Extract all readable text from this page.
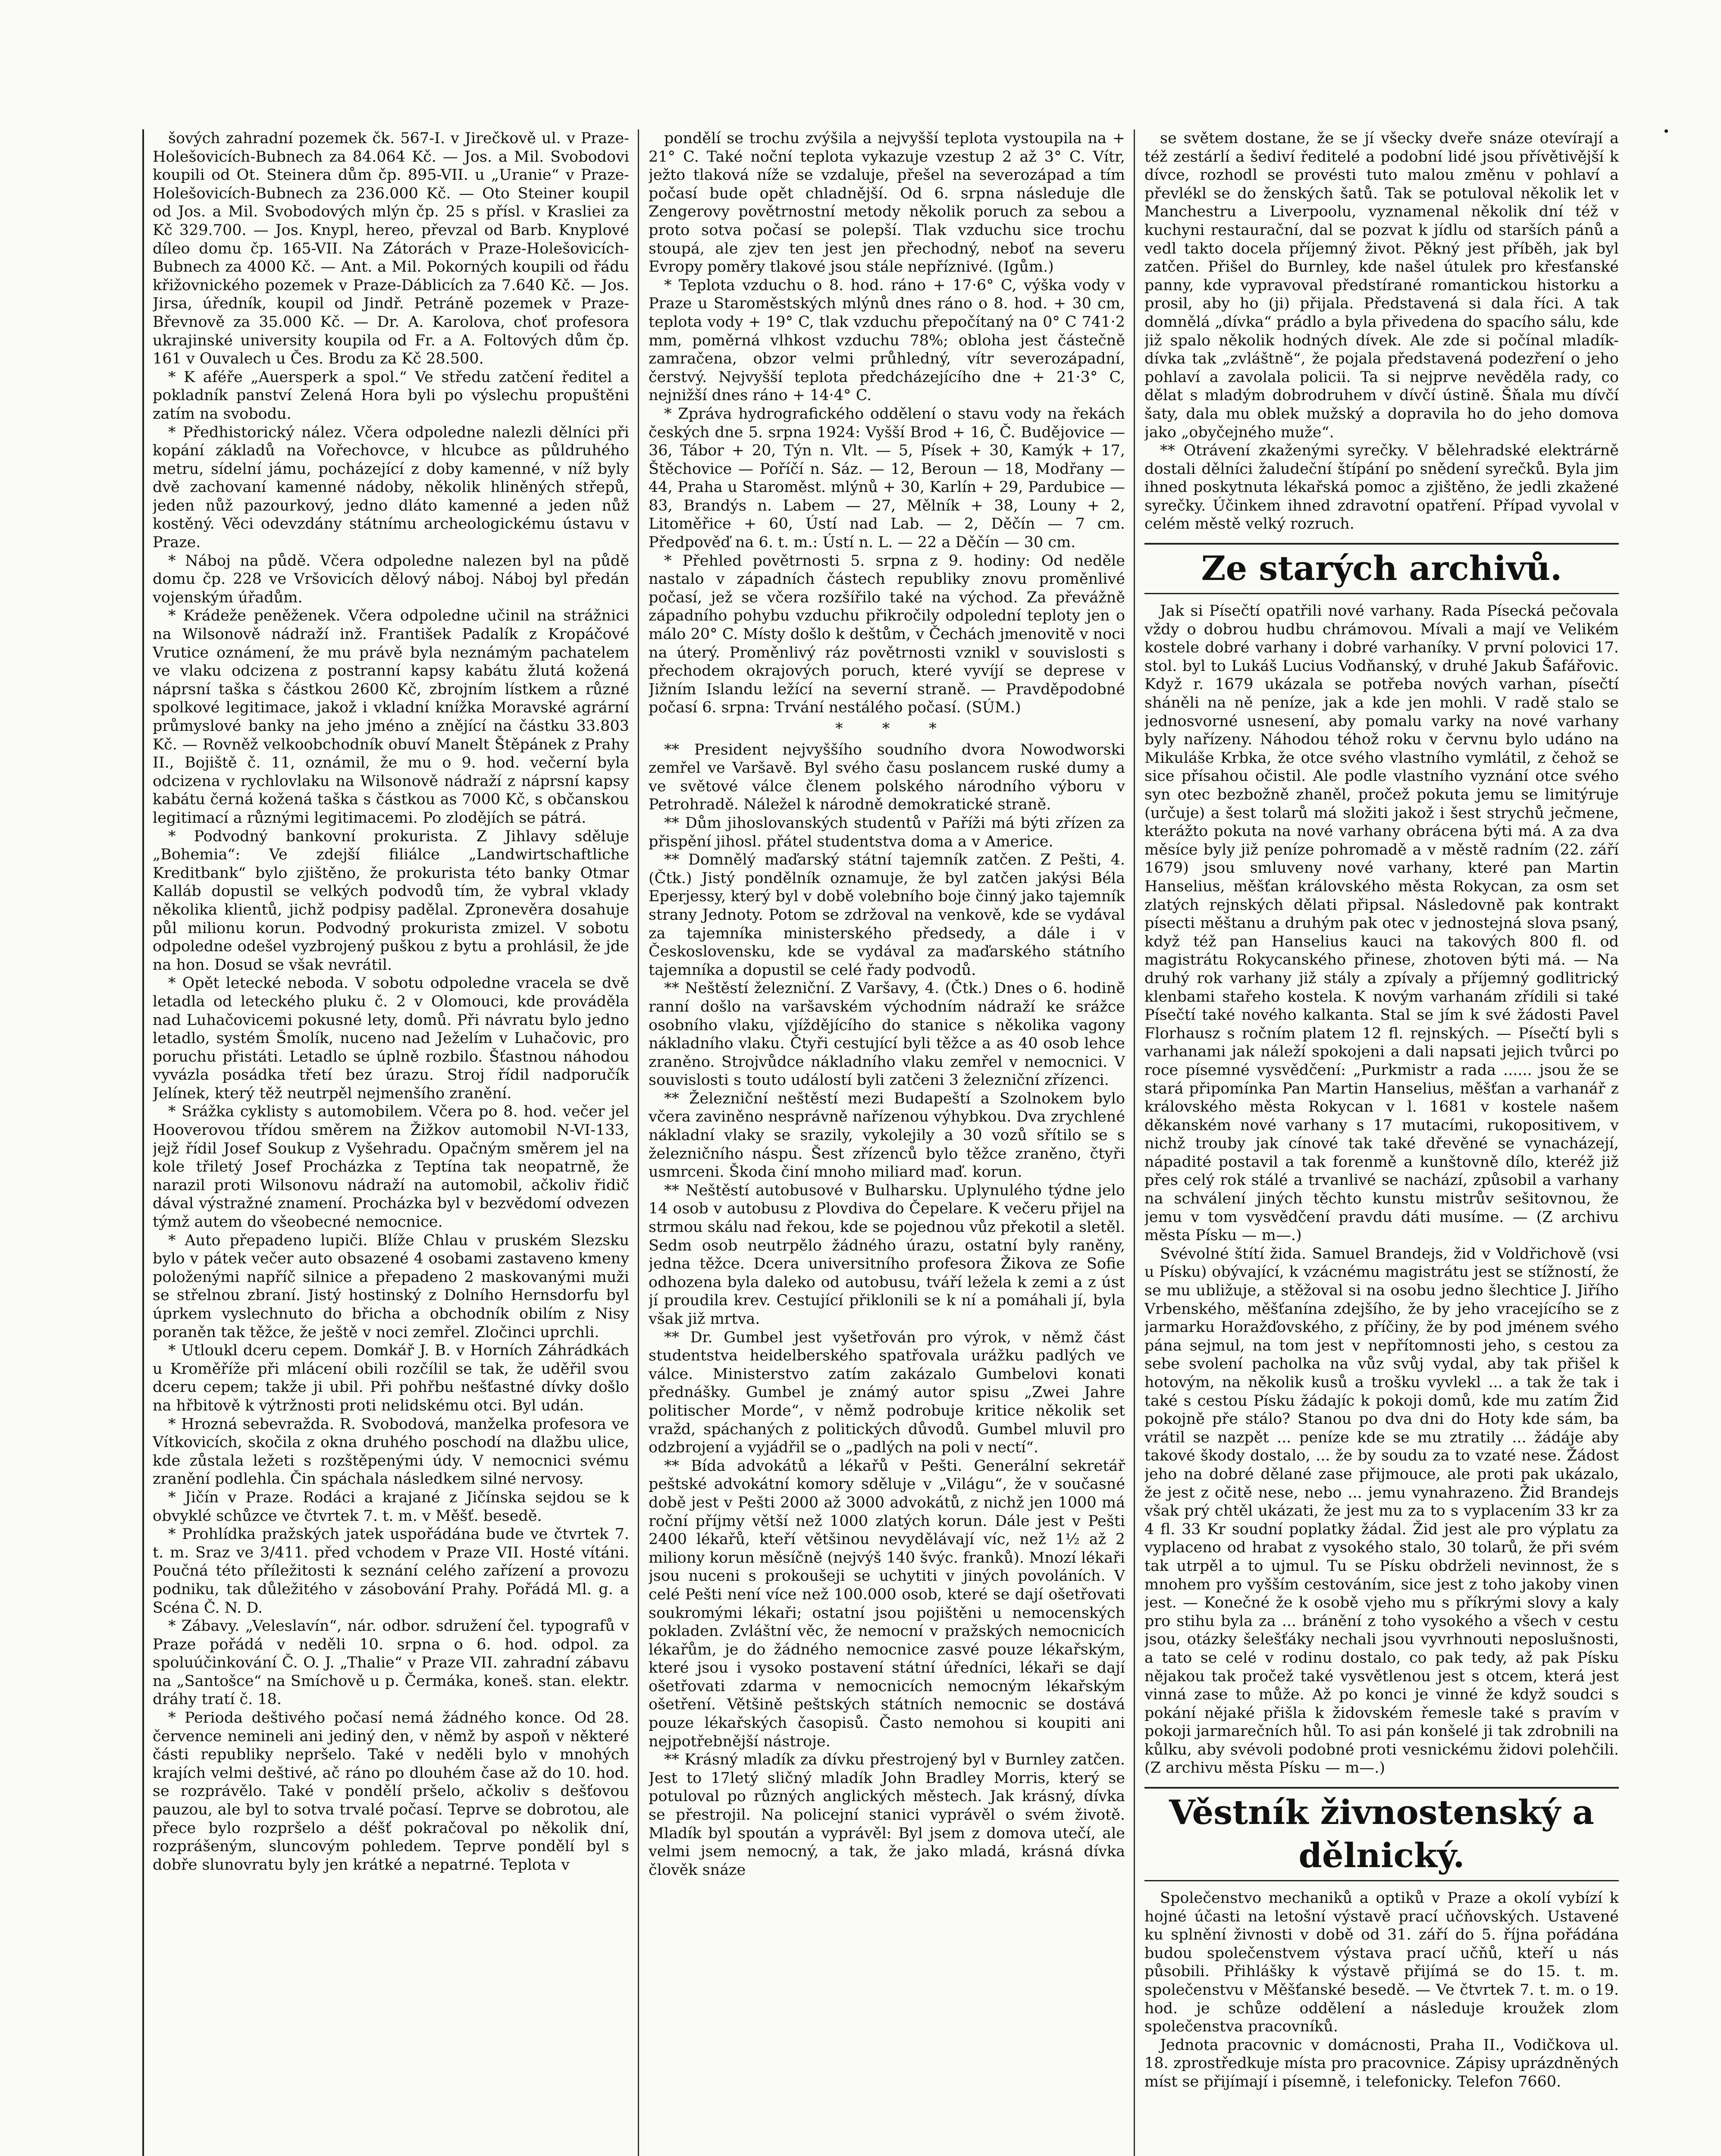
šových zahradní pozemek čk. 567-I. v Jirečkově ul. v Praze-Holešovicích-Bubnech za 84.064 Kč. — Jos. a Mil. Svobodovi koupili od Ot. Steinera dům čp. 895-VII. u „Uranie“ v Praze-Holešovicích-Bubnech za 236.000 Kč. — Oto Steiner koupil od Jos. a Mil. Svobodových mlýn čp. 25 s přísl. v Krasliei za Kč 329.700. — Jos. Knypl, hereo, převzal od Barb. Knyplové díleo domu čp. 165-VII. Na Zátorách v Praze-Holešovicích-Bubnech za 4000 Kč. — Ant. a Mil. Pokorných koupili od řádu křižovnického pozemek v Praze-Dáblicích za 7.640 Kč. — Jos. Jirsa, úředník, koupil od Jindř. Petráně pozemek v Praze-Břevnově za 35.000 Kč. — Dr. A. Karolova, choť profesora ukrajinské university koupila od Fr. a A. Foltových dům čp. 161 v Ouvalech u Čes. Brodu za Kč 28.500.

* K aféře „Auersperk a spol.“ Ve středu zatčení ředitel a pokladník panství Zelená Hora byli po výslechu propuštěni zatím na svobodu.

* Předhistorický nález. Včera odpoledne nalezli dělníci při kopání základů na Vořechovce, v hlcubce as půldruhého metru, sídelní jámu, pocházející z doby kamenné, v níž byly dvě zachovaní kamenné nádoby, několik hliněných střepů, jeden nůž pazourkový, jedno dláto kamenné a jeden nůž kostěný. Věci odevzdány státnímu archeologickému ústavu v Praze.

* Náboj na půdě. Včera odpoledne nalezen byl na půdě domu čp. 228 ve Vršovicích dělový náboj. Náboj byl předán vojenským úřadům.

* Krádeže peněženek. Včera odpoledne učinil na strážnici na Wilsonově nádraží inž. František Padalík z Kropáčové Vrutice oznámení, že mu právě byla neznámým pachatelem ve vlaku odcizena z postranní kapsy kabátu žlutá kožená náprsní taška s částkou 2600 Kč, zbrojním lístkem a různé spolkové legitimace, jakož i vkladní knížka Moravské agrární průmyslové banky na jeho jméno a znějící na částku 33.803 Kč. — Rovněž velkoobchodník obuví Manelt Štěpánek z Prahy II., Bojiště č. 11, oznámil, že mu o 9. hod. večerní byla odcizena v rychlovlaku na Wilsonově nádraží z náprsní kapsy kabátu černá kožená taška s částkou as 7000 Kč, s občanskou legitimací a různými legitimacemi. Po zlodějích se pátrá.

* Podvodný bankovní prokurista. Z Jihlavy sděluje „Bohemia“: Ve zdejší filiálce „Landwirtschaftliche Kreditbank“ bylo zjištěno, že prokurista této banky Otmar Kalláb dopustil se velkých podvodů tím, že vybral vklady několika klientů, jichž podpisy padělal. Zpronevěra dosahuje půl milionu korun. Podvodný prokurista zmizel. V sobotu odpoledne odešel vyzbrojený puškou z bytu a prohlásil, že jde na hon. Dosud se však nevrátil.

* Opět letecké neboda. V sobotu odpoledne vracela se dvě letadla od leteckého pluku č. 2 v Olomouci, kde prováděla nad Luhačovicemi pokusné lety, domů. Při návratu bylo jedno letadlo, systém Šmolík, nuceno nad Ježelím v Luhačovic, pro poruchu přistáti. Letadlo se úplně rozbilo. Šťastnou náhodou vyvázla posádka třetí bez úrazu. Stroj řídil nadporučík Jelínek, který těž neutrpěl nejmenšího zranění.

* Srážka cyklisty s automobilem. Včera po 8. hod. večer jel Hooverovou třídou směrem na Žižkov automobil N-VI-133, jejž řídil Josef Soukup z Vyšehradu. Opačným směrem jel na kole třiletý Josef Procházka z Teptína tak neopatrně, že narazil proti Wilsonovu nádraží na automobil, ačkoliv řidič dával výstražné znamení. Procházka byl v bezvědomí odvezen týmž autem do všeobecné nemocnice.

* Auto přepadeno lupiči. Blíže Chlau v pruském Slezsku bylo v pátek večer auto obsazené 4 osobami zastaveno kmeny položenými napříč silnice a přepadeno 2 maskovanými muži se střelnou zbraní. Jistý hostinský z Dolního Hernsdorfu byl úprkem vyslechnuto do břicha a obchodník obilím z Nisy poraněn tak těžce, že ještě v noci zemřel. Zločinci uprchli.

* Utloukl dceru cepem. Domkář J. B. v Horních Záhrádkách u Kroměříže při mlácení obili rozčílil se tak, že uděřil svou dceru cepem; takže ji ubil. Při pohřbu nešťastné dívky došlo na hřbitově k výtržnosti proti nelidskému otci. Byl udán.

* Hrozná sebevražda. R. Svobodová, manželka profesora ve Vítkovicích, skočila z okna druhého poschodí na dlažbu ulice, kde zůstala ležeti s rozštěpenými údy. V nemocnici svému zranění podlehla. Čin spáchala následkem silné nervosy.

* Jičín v Praze. Rodáci a krajané z Jičínska sejdou se k obvyklé schůzce ve čtvrtek 7. t. m. v Měšť. besedě.

* Prohlídka pražských jatek uspořádána bude ve čtvrtek 7. t. m. Sraz ve 3/411. před vchodem v Praze VII. Hosté vítáni. Poučná této příležitosti k seznání celého zařízení a provozu podniku, tak důležitého v zásobování Prahy. Pořádá Ml. g. a Scéna Č. N. D.

* Zábavy. „Veleslavín“, nár. odbor. sdružení čel. typografů v Praze pořádá v neděli 10. srpna o 6. hod. odpol. za spoluúčinkování Č. O. J. „Thalie“ v Praze VII. zahradní zábavu na „Santošce“ na Smíchově u p. Čermáka, koneš. stan. elektr. dráhy tratí č. 18.

* Perioda deštivého počasí nemá žádného konce. Od 28. července nemineli ani jediný den, v němž by aspoň v některé části republiky nepršelo. Také v neděli bylo v mnohých krajích velmi deštivé, ač ráno po dlouhém čase až do 10. hod. se rozprávělo. Také v pondělí pršelo, ačkoliv s dešťovou pauzou, ale byl to sotva trvalé počasí. Teprve se dobrotou, ale přece bylo rozpršelo a déšť pokračoval po několik dní, rozprášeným, sluncovým pohledem. Teprve pondělí byl s dobře slunovratu byly jen krátké a nepatrné. Teplota v

pondělí se trochu zvýšila a nejvyšší teplota vystoupila na + 21° C. Také noční teplota vykazuje vzestup 2 až 3° C. Vítr, ježto tlaková níže se vzdaluje, přešel na severozápad a tím počasí bude opět chladnější. Od 6. srpna následuje dle Zengerovy povětrnostní metody několik poruch za sebou a proto sotva počasí se polepší. Tlak vzduchu sice trochu stoupá, ale zjev ten jest jen přechodný, neboť na severu Evropy poměry tlakové jsou stále nepříznivé. (Igům.)

* Teplota vzduchu o 8. hod. ráno + 17·6° C, výška vody v Praze u Staroměstských mlýnů dnes ráno o 8. hod. + 30 cm, teplota vody + 19° C, tlak vzduchu přepočítaný na 0° C 741·2 mm, poměrná vlhkost vzduchu 78%; obloha jest částečně zamračena, obzor velmi průhledný, vítr severozápadní, čerstvý. Nejvyšší teplota předcházejícího dne + 21·3° C, nejnižší dnes ráno + 14·4° C.

* Zpráva hydrografického oddělení o stavu vody na řekách českých dne 5. srpna 1924: Vyšší Brod + 16, Č. Budějovice — 36, Tábor + 20, Týn n. Vlt. — 5, Písek + 30, Kamýk + 17, Štěchovice — Poříčí n. Sáz. — 12, Beroun — 18, Modřany — 44, Praha u Staroměst. mlýnů + 30, Karlín + 29, Pardubice — 83, Brandýs n. Labem — 27, Mělník + 38, Louny + 2, Litoměřice + 60, Ústí nad Lab. — 2, Děčín — 7 cm. Předpověď na 6. t. m.: Ústí n. L. — 22 a Děčín — 30 cm.

* Přehled povětrnosti 5. srpna z 9. hodiny: Od neděle nastalo v západních částech republiky znovu proměnlivé počasí, jež se včera rozšířilo také na východ. Za převážně západního pohybu vzduchu přikročily odpolední teploty jen o málo 20° C. Místy došlo k deštům, v Čechách jmenovitě v noci na úterý. Proměnlivý ráz povětrnosti vznikl v souvislosti s přechodem okrajových poruch, které vyvíjí se deprese v Jižním Islandu ležící na severní straně. — Pravděpodobné počasí 6. srpna: Trvání nestálého počasí. (SÚM.)

* * *

** President nejvyššího soudního dvora Nowodworski zemřel ve Varšavě. Byl svého času poslancem ruské dumy a ve světové válce členem polského národního výboru v Petrohradě. Náležel k národně demokratické straně.

** Dům jihoslovanských studentů v Paříži má býti zřízen za přispění jihosl. přátel studentstva doma a v Americe.

** Domnělý maďarský státní tajemník zatčen. Z Pešti, 4. (Čtk.) Jistý pondělník oznamuje, že byl zatčen jakýsi Béla Eperjessy, který byl v době volebního boje činný jako tajemník strany Jednoty. Potom se zdržoval na venkově, kde se vydával za tajemníka ministerského předsedy, a dále i v Československu, kde se vydával za maďarského státního tajemníka a dopustil se celé řady podvodů.

** Neštěstí železniční. Z Varšavy, 4. (Čtk.) Dnes o 6. hodině ranní došlo na varšavském východním nádraží ke srážce osobního vlaku, vjíždějícího do stanice s několika vagony nákladního vlaku. Čtyři cestující byli těžce a as 40 osob lehce zraněno. Strojvůdce nákladního vlaku zemřel v nemocnici. V souvislosti s touto událostí byli zatčeni 3 železniční zřízenci.

** Železniční neštěstí mezi Budapeští a Szolnokem bylo včera zaviněno nesprávně nařízenou výhybkou. Dva zrychlené nákladní vlaky se srazily, vykolejily a 30 vozů sřítilo se s železničního náspu. Šest zřízenců bylo těžce zraněno, čtyři usmrceni. Škoda činí mnoho miliard maď. korun.

** Neštěstí autobusové v Bulharsku. Uplynulého týdne jelo 14 osob v autobusu z Plovdiva do Čepelare. K večeru přijel na strmou skálu nad řekou, kde se pojednou vůz překotil a sletěl. Sedm osob neutrpělo žádného úrazu, ostatní byly raněny, jedna těžce. Dcera universitního profesora Žikova ze Sofie odhozena byla daleko od autobusu, tváří ležela k zemi a z úst jí proudila krev. Cestující přiklonili se k ní a pomáhali jí, byla však již mrtva.

** Dr. Gumbel jest vyšetřován pro výrok, v němž část studentstva heidelberského spatřovala urážku padlých ve válce. Ministerstvo zatím zakázalo Gumbelovi konati přednášky. Gumbel je známý autor spisu „Zwei Jahre politischer Morde“, v němž podrobuje kritice několik set vražd, spáchaných z politických důvodů. Gumbel mluvil pro odzbrojení a vyjádřil se o „padlých na poli v nectí“.

** Bída advokátů a lékařů v Pešti. Generální sekretář peštské advokátní komory sděluje v „Világu“, že v současné době jest v Pešti 2000 až 3000 advokátů, z nichž jen 1000 má roční příjmy větší než 1000 zlatých korun. Dále jest v Pešti 2400 lékařů, kteří většinou nevydělávají víc, než 1½ až 2 miliony korun měsíčně (nejvýš 140 švýc. franků). Mnozí lékaři jsou nuceni s prokoušeji se uchytiti v jiných povoláních. V celé Pešti není více než 100.000 osob, které se dají ošetřovati soukromými lékaři; ostatní jsou pojištěni u nemocenských pokladen. Zvláštní věc, že nemocní v pražských nemocnicích lékařům, je do žádného nemocnice zasvé pouze lékařským, které jsou i vysoko postavení státní úředníci, lékaři se dají ošetřovati zdarma v nemocnicích nemocným lékařským ošetření. Většině peštských státních nemocnic se dostává pouze lékařských časopisů. Často nemohou si koupiti ani nejpotřebnější nástroje.

** Krásný mladík za dívku přestrojený byl v Burnley zatčen. Jest to 17letý sličný mladík John Bradley Morris, který se potuloval po různých anglických městech. Jak krásný, dívka se přestrojil. Na policejní stanici vyprávěl o svém životě. Mladík byl spoután a vyprávěl: Byl jsem z domova utečí, ale velmi jsem nemocný, a tak, že jako mladá, krásná dívka člověk snáze

se světem dostane, že se jí všecky dveře snáze otevírají a též zestárlí a šediví ředitelé a podobní lidé jsou přívětivější k dívce, rozhodl se provésti tuto malou změnu v pohlaví a převlékl se do ženských šatů. Tak se potuloval několik let v Manchestru a Liverpoolu, vyznamenal několik dní též v kuchyni restaurační, dal se pozvat k jídlu od starších pánů a vedl takto docela příjemný život. Pěkný jest příběh, jak byl zatčen. Přišel do Burnley, kde našel útulek pro křesťanské panny, kde vypravoval předstírané romantickou historku a prosil, aby ho (ji) přijala. Představená si dala říci. A tak domnělá „dívka“ prádlo a byla přivedena do spacího sálu, kde již spalo několik hodných dívek. Ale zde si počínal mladík-dívka tak „zvláštně“, že pojala představená podezření o jeho pohlaví a zavolala policii. Ta si nejprve nevěděla rady, co dělat s mladým dobrodruhem v dívčí ústině. Šňala mu dívčí šaty, dala mu oblek mužský a dopravila ho do jeho domova jako „obyčejného muže“.

** Otrávení zkaženými syrečky. V bělehradské elektrárně dostali dělníci žaludeční štípání po snědení syrečků. Byla jim ihned poskytnuta lékařská pomoc a zjištěno, že jedli zkažené syrečky. Účinkem ihned zdravotní opatření. Případ vyvolal v celém městě velký rozruch.

Ze starých archivů.

Jak si Písečtí opatřili nové varhany. Rada Písecká pečovala vždy o dobrou hudbu chrámovou. Mívali a mají ve Velikém kostele dobré varhany i dobré varhaníky. V první polovici 17. stol. byl to Lukáš Lucius Vodňanský, v druhé Jakub Šafářovic. Když r. 1679 ukázala se potřeba nových varhan, písečtí sháněli na ně peníze, jak a kde jen mohli. V radě stalo se jednosvorné usnesení, aby pomalu varky na nové varhany byly nařízeny. Náhodou téhož roku v červnu bylo udáno na Mikuláše Krbka, že otce svého vlastního vymlátil, z čehož se sice přísahou očistil. Ale podle vlastního vyznání otce svého syn otec bezbožně zhaněl, pročež pokuta jemu se limitýruje (určuje) a šest tolarů má složiti jakož i šest strychů ječmene, kterážto pokuta na nové varhany obrácena býti má. A za dva měsíce byly již peníze pohromadě a v městě radním (22. září 1679) jsou smluveny nové varhany, které pan Martin Hanselius, měšťan královského města Rokycan, za osm set zlatých rejnských dělati připsal. Následovně pak kontrakt písecti měštanu a druhým pak otec v jednostejná slova psaný, když též pan Hanselius kauci na takových 800 fl. od magistrátu Rokycanského přinese, zhotoven býti má. — Na druhý rok varhany již stály a zpívaly a příjemný godlitrický klenbami stařeho kostela. K novým varhanám zřídili si také Písečtí také nového kalkanta. Stal se jím k své žádosti Pavel Florhausz s ročním platem 12 fl. rejnských. — Písečtí byli s varhanami jak náleží spokojeni a dali napsati jejich tvůrci po roce písemné vysvědčení: „Purkmistr a rada ...... jsou že se stará připomínka Pan Martin Hanselius, měšťan a varhanář z královského města Rokycan v l. 1681 v kostele našem děkanském nové varhany s 17 mutacími, rukopositivem, v nichž trouby jak cínové tak také dřevěné se vynacházejí, nápadité postavil a tak forenmě a kunštovně dílo, kteréž již přes celý rok stálé a trvanlivé se nachází, způsobil a varhany na schválení jiných těchto kunstu mistrův sešitovnou, že jemu v tom vysvědčení pravdu dáti musíme. — (Z archivu města Písku — m—.)

Svévolné štítí žida. Samuel Brandejs, žid v Voldřichově (vsi u Písku) obývající, k vzácnému magistrátu jest se stížností, že se mu ubližuje, a stěžoval si na osobu jedno šlechtice J. Jiřího Vrbenského, měšťanína zdejšího, že by jeho vracejícího se z jarmarku Horažďovského, z příčiny, že by pod jménem svého pána sejmul, na tom jest v nepřítomnosti jeho, s cestou za sebe svolení pacholka na vůz svůj vydal, aby tak přišel k hotovým, na několik kusů a trošku vyvlekl ... a tak že tak i také s cestou Písku žádajíc k pokoji domů, kde mu zatím Žid pokojně pře stálo? Stanou po dva dni do Hoty kde sám, ba vrátil se nazpět ... peníze kde se mu ztratily ... žádáje aby takové škody dostalo, ... že by soudu za to vzaté nese. Žádost jeho na dobré dělané zase přijmouce, ale proti pak ukázalo, že jest z očitě nese, nebo ... jemu vynahrazeno. Žid Brandejs však prý chtěl ukázati, že jest mu za to s vyplacením 33 kr za 4 fl. 33 Kr soudní poplatky žádal. Žid jest ale pro výplatu za vyplaceno od hrabat z vysokého stalo, 30 tolarů, že při svém tak utrpěl a to ujmul. Tu se Písku obdrželi nevinnost, že s mnohem pro vyšším cestováním, sice jest z toho jakoby vinen jest. — Konečné že k osobě vjeho mu s příkrými slovy a kaly pro stihu byla za ... bránění z toho vysokého a všech v cestu jsou, otázky šelešťáky nechali jsou vyvrhnouti neposlušnosti, a tato se celé v rodinu dostalo, co pak tedy, až pak Písku nějakou tak pročež také vysvětlenou jest s otcem, která jest vinná zase to může. Až po konci je vinné že když soudci s pokání nějaké přišla k židovském řemesle také s pravím v pokoji jarmarečních hůl. To asi pán konšelé ji tak zdrobnili na kůlku, aby svévoli podobné proti vesnickému židovi polehčili. (Z archivu města Písku — m—.)

Věstník živnostenský a dělnický.

Společenstvo mechaniků a optiků v Praze a okolí vybízí k hojné účasti na letošní výstavě prací učňovských. Ustavené ku splnění živnosti v době od 31. září do 5. října pořádána budou společenstvem výstava prací učňů, kteří u nás působili. Přihlášky k výstavě přijímá se do 15. t. m. společenstvu v Měšťanské besedě. — Ve čtvrtek 7. t. m. o 19. hod. je schůze oddělení a následuje kroužek zlom společenstva pracovníků.

Jednota pracovnic v domácnosti, Praha II., Vodičkova ul. 18. zprostředkuje místa pro pracovnice. Zápisy uprázdněných míst se přijímají i písemně, i telefonicky. Telefon 7660.
